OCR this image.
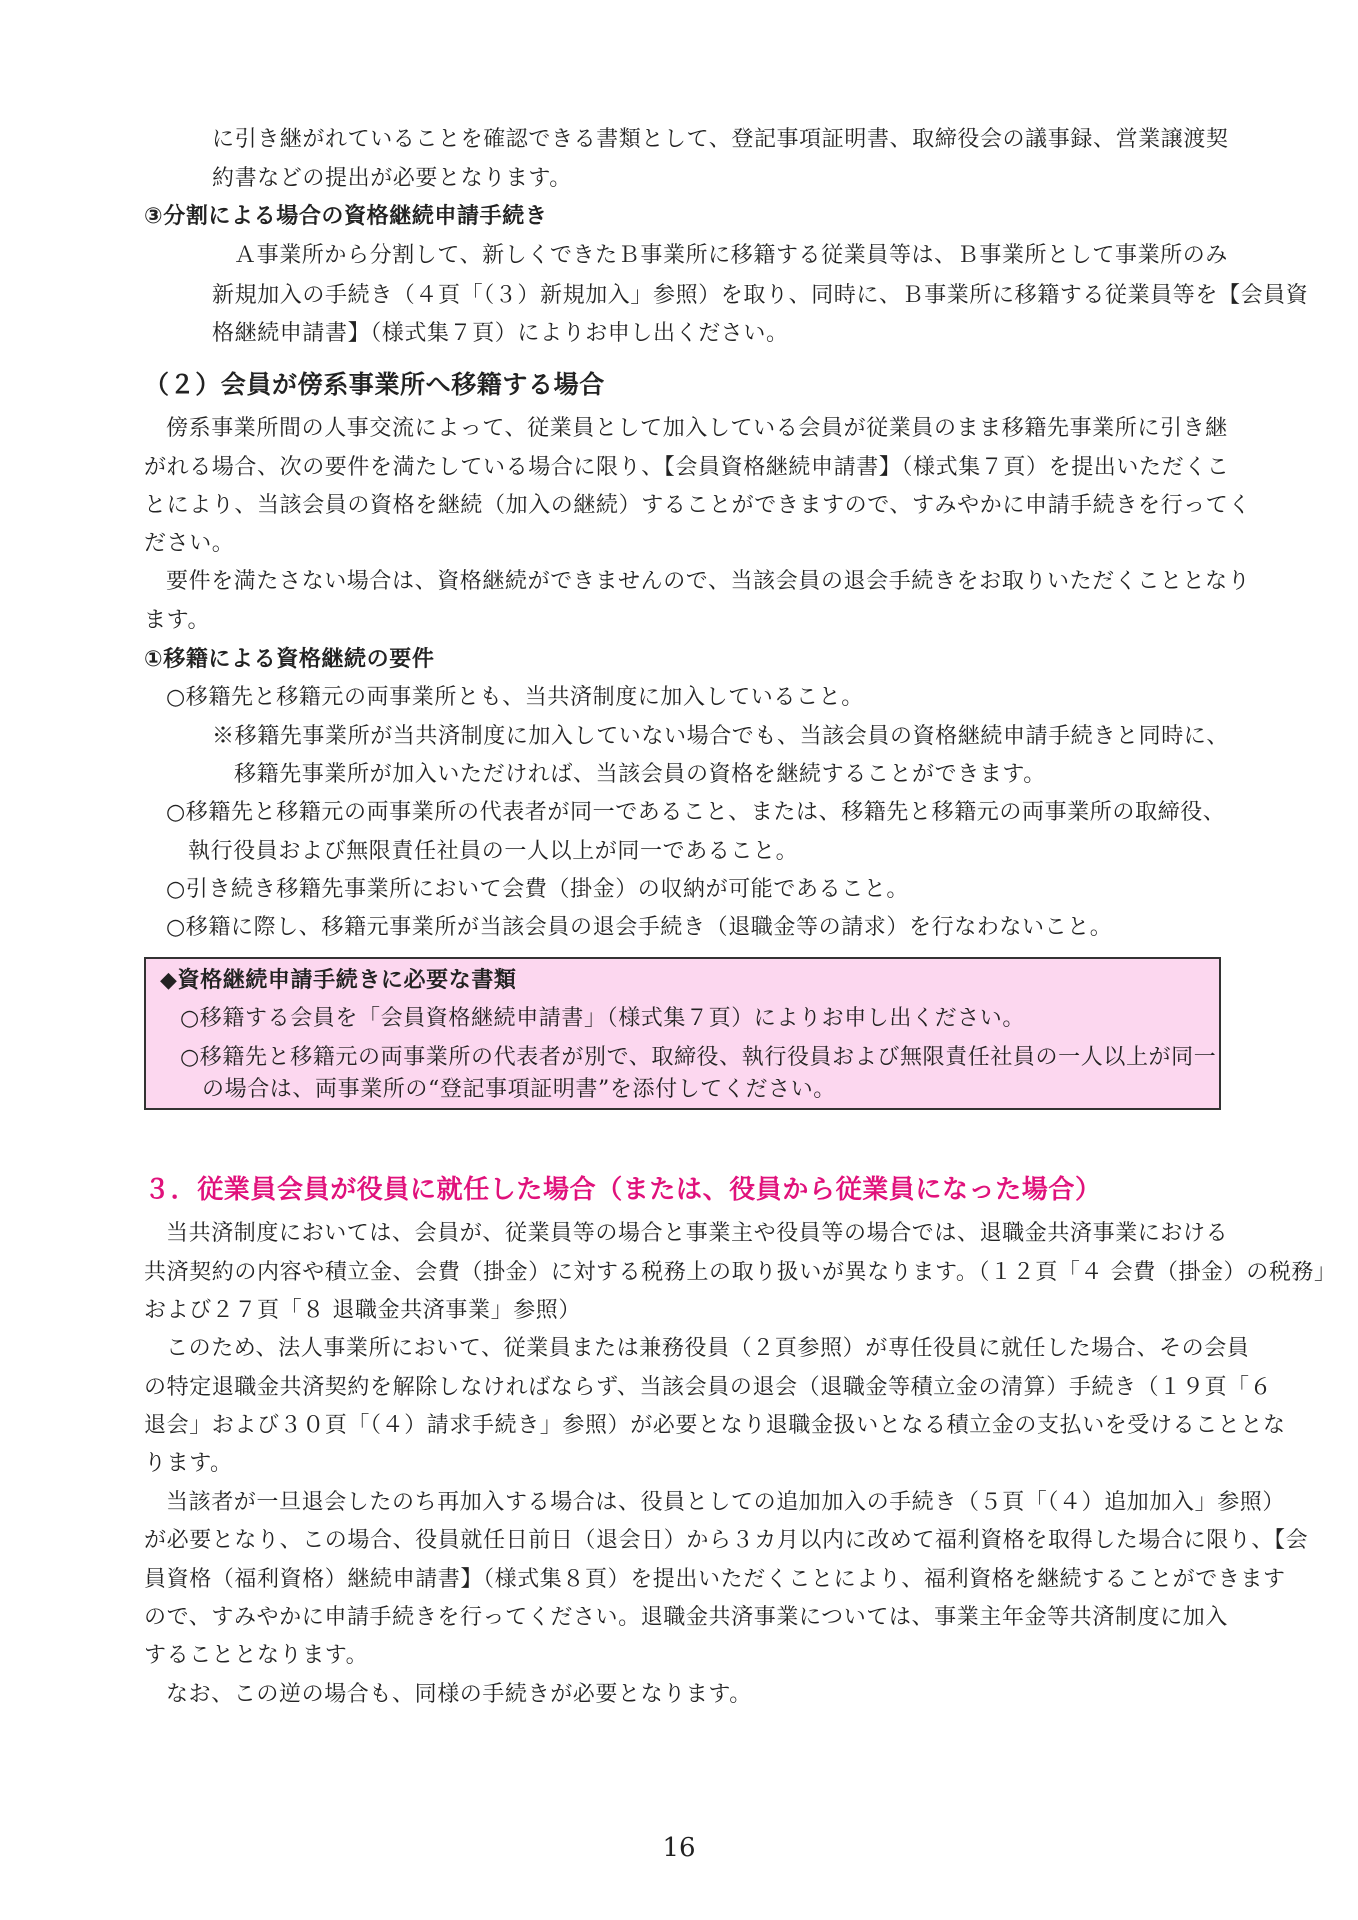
に引き継がれていることを確認できる書類として、登記事項証明書、取締役会の議事録、営業譲渡契
約書などの提出が必要となります。
③分割による場合の資格継続申請手続き
Ａ事業所から分割して、新しくできたＢ事業所に移籍する従業員等は、Ｂ事業所として事業所のみ
新規加入の手続き（４頁「（３）新規加入」参照）を取り、同時に、Ｂ事業所に移籍する従業員等を【会員資
格継続申請書】（様式集７頁）によりお申し出ください。
（２）会員が傍系事業所へ移籍する場合
傍系事業所間の人事交流によって、従業員として加入している会員が従業員のまま移籍先事業所に引き継
がれる場合、次の要件を満たしている場合に限り、【会員資格継続申請書】（様式集７頁）を提出いただくこ
とにより、当該会員の資格を継続（加入の継続）することができますので、すみやかに申請手続きを行ってく
ださい。
要件を満たさない場合は、資格継続ができませんので、当該会員の退会手続きをお取りいただくこととなり
ます。
①移籍による資格継続の要件
○移籍先と移籍元の両事業所とも、当共済制度に加入していること。
※移籍先事業所が当共済制度に加入していない場合でも、当該会員の資格継続申請手続きと同時に、
移籍先事業所が加入いただければ、当該会員の資格を継続することができます。
○移籍先と移籍元の両事業所の代表者が同一であること、または、移籍先と移籍元の両事業所の取締役、
執行役員および無限責任社員の一人以上が同一であること。
○引き続き移籍先事業所において会費（掛金）の収納が可能であること。
○移籍に際し、移籍元事業所が当該会員の退会手続き（退職金等の請求）を行なわないこと。
◆資格継続申請手続きに必要な書類
○移籍する会員を「会員資格継続申請書」（様式集７頁）によりお申し出ください。
○移籍先と移籍元の両事業所の代表者が別で、取締役、執行役員および無限責任社員の一人以上が同一
の場合は、両事業所の“登記事項証明書”を添付してください。
３．従業員会員が役員に就任した場合（または、役員から従業員になった場合）
当共済制度においては、会員が、従業員等の場合と事業主や役員等の場合では、退職金共済事業における
共済契約の内容や積立金、会費（掛金）に対する税務上の取り扱いが異なります。（１２頁「４ 会費（掛金）の税務」
および２７頁「８ 退職金共済事業」参照）
このため、法人事業所において、従業員または兼務役員（２頁参照）が専任役員に就任した場合、その会員
の特定退職金共済契約を解除しなければならず、当該会員の退会（退職金等積立金の清算）手続き（１９頁「６
退会」および３０頁「（４）請求手続き」参照）が必要となり退職金扱いとなる積立金の支払いを受けることとな
ります。
当該者が一旦退会したのち再加入する場合は、役員としての追加加入の手続き（５頁「（４）追加加入」参照）
が必要となり、この場合、役員就任日前日（退会日）から３カ月以内に改めて福利資格を取得した場合に限り、【会
員資格（福利資格）継続申請書】（様式集８頁）を提出いただくことにより、福利資格を継続することができます
ので、すみやかに申請手続きを行ってください。退職金共済事業については、事業主年金等共済制度に加入
することとなります。
なお、この逆の場合も、同様の手続きが必要となります。
16
